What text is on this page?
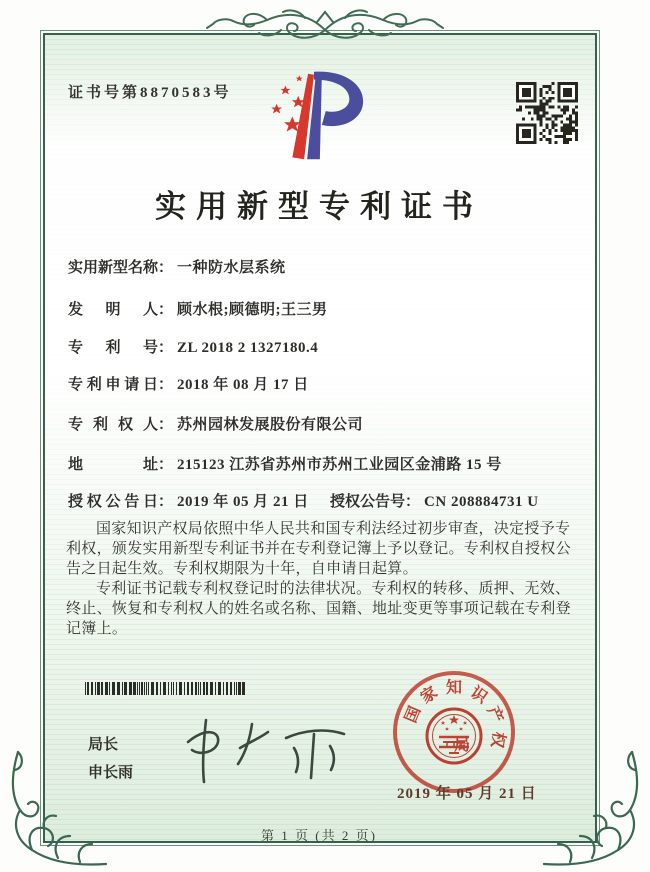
证书号第8870583号
实用新型专利证书
实用新型名称： 一种防水层系统
发明人： 顾水根;顾德明;王三男
专利号： ZL 2018 2 1327180.4
专利申请日： 2018 年 08 月 17 日
专利权人： 苏州园林发展股份有限公司
地址： 215123 江苏省苏州市苏州工业园区金浦路 15 号
授权公告日： 2019 年 05 月 21 日 授权公告号： CN 208884731 U

国家知识产权局依照中华人民共和国专利法经过初步审查，决定授予专利权，颁发实用新型专利证书并在专利登记簿上予以登记。专利权自授权公告之日起生效。专利权期限为十年，自申请日起算。

专利证书记载专利权登记时的法律状况。专利权的转移、质押、无效、终止、恢复和专利权人的姓名或名称、国籍、地址变更等事项记载在专利登记簿上。

局长
申长雨
国
家 知 识
产
权
局
2019 年 05 月 21 日
第 1 页 (共 2 页)
